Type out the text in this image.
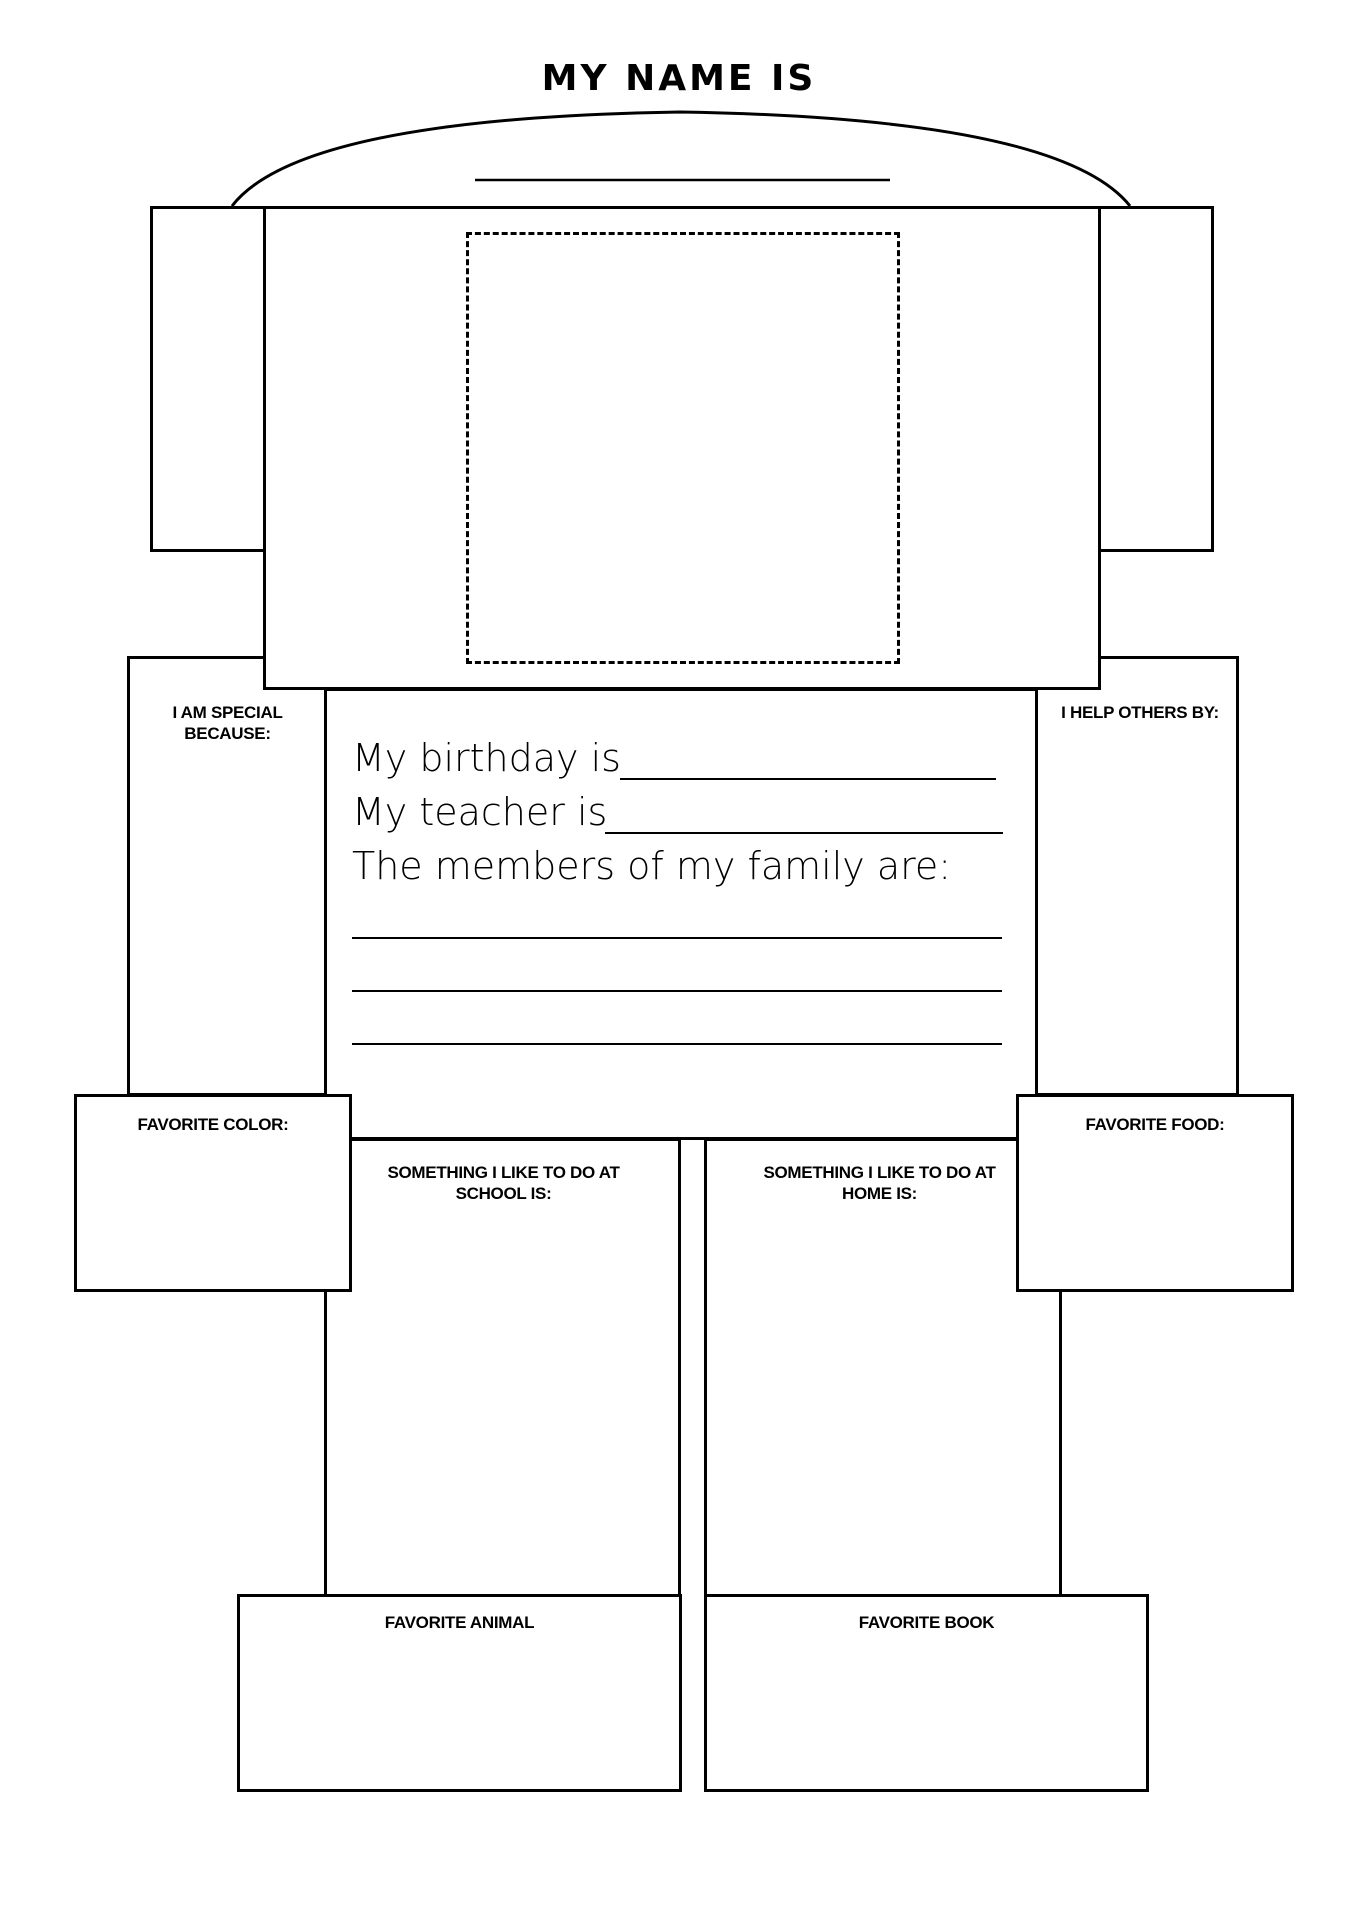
MY NAME IS
I AM SPECIAL BECAUSE:
I HELP OTHERS BY:
My birthday is
My teacher is
The members of my family are:
SOMETHING I LIKE TO DO AT SCHOOL IS:
SOMETHING I LIKE TO DO AT HOME IS:
FAVORITE COLOR:	FAVORITE FOOD:
FAVORITE ANIMAL	FAVORITE BOOK
